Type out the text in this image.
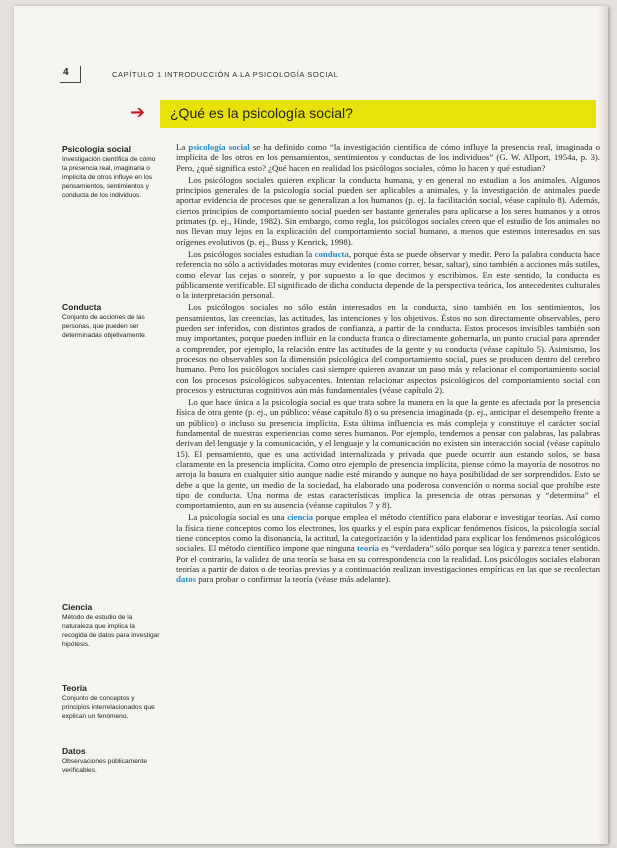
4	CAPÍTULO 1 INTRODUCCIÓN A LA PSICOLOGÍA SOCIAL
➔ ¿Qué es la psicología social?
Psicología social
Investigación científica de cómo la presencia real, imaginaria o implícita de otros influye en los pensamientos, sentimientos y conducta de los individuos.
Conducta
Conjunto de acciones de las personas, que pueden ser determinadas objetivamente.
Ciencia
Método de estudio de la naturaleza que implica la recogida de datos para investigar hipótesis.
Teoría
Conjunto de conceptos y principios interrelacionados que explican un fenómeno.
Datos
Observaciones públicamente verificables.

La psicología social se ha definido como “la investigación científica de cómo influye la presencia real, imaginada o implícita de los otros en los pensamientos, sentimientos y conductas de los individuos” (G. W. Allport, 1954a, p. 3). Pero, ¿qué significa esto? ¿Qué hacen en realidad los psicólogos sociales, cómo lo hacen y qué estudian?

Los psicólogos sociales quieren explicar la conducta humana, y en general no estudian a los animales. Algunos principios generales de la psicología social pueden ser aplicables a animales, y la investigación de animales puede aportar evidencia de procesos que se generalizan a los humanos (p. ej. la facilitación social, véase capítulo 8). Además, ciertos principios de comportamiento social pueden ser bastante generales para aplicarse a los seres humanos y a otros primates (p. ej., Hinde, 1982). Sin embargo, como regla, los psicólogos sociales creen que el estudio de los animales no nos llevan muy lejos en la explicación del comportamiento social humano, a menos que estemos interesados en sus orígenes evolutivos (p. ej., Buss y Kenrick, 1998).

Los psicólogos sociales estudian la conducta, porque ésta se puede observar y medir. Pero la palabra conducta hace referencia no sólo a actividades motoras muy evidentes (como correr, besar, saltar), sino también a acciones más sutiles, como elevar las cejas o sonreír, y por supuesto a lo que decimos y escribimos. En este sentido, la conducta es públicamente verificable. El significado de dicha conducta depende de la perspectiva teórica, los antecedentes culturales o la interpretación personal.

Los psicólogos sociales no sólo están interesados en la conducta, sino también en los sentimientos, los pensamientos, las creencias, las actitudes, las intenciones y los objetivos. Éstos no son directamente observables, pero pueden ser inferidos, con distintos grados de confianza, a partir de la conducta. Estos procesos invisibles también son muy importantes, porque pueden influir en la conducta franca o directamente gobernarla, un punto crucial para aprender a comprender, por ejemplo, la relación entre las actitudes de la gente y su conducta (véase capítulo 5). Asimismo, los procesos no observables son la dimensión psicológica del comportamiento social, pues se producen dentro del cerebro humano. Pero los psicólogos sociales casi siempre quieren avanzar un paso más y relacionar el comportamiento social con los procesos psicológicos subyacentes. Intentan relacionar aspectos psicológicos del comportamiento social con procesos y estructuras cognitivos aún más fundamentales (véase capítulo 2).

Lo que hace única a la psicología social es que trata sobre la manera en la que la gente es afectada por la presencia física de otra gente (p. ej., un público: véase capítulo 8) o su presencia imaginada (p. ej., anticipar el desempeño frente a un público) o incluso su presencia implícita. Esta última influencia es más compleja y constituye el carácter social fundamental de nuestras experiencias como seres humanos. Por ejemplo, tendemos a pensar con palabras, las palabras derivan del lenguaje y la comunicación, y el lenguaje y la comunicación no existen sin interacción social (véase capítulo 15). El pensamiento, que es una actividad internalizada y privada que puede ocurrir aun estando solos, se basa claramente en la presencia implícita. Como otro ejemplo de presencia implícita, piense cómo la mayoría de nosotros no arroja la basura en cualquier sitio aunque nadie esté mirando y aunque no haya posibilidad de ser sorprendidos. Esto se debe a que la gente, un medio de la sociedad, ha elaborado una poderosa convención o norma social que prohíbe este tipo de conducta. Una norma de estas características implica la presencia de otras personas y “determina” el comportamiento, aun en su ausencia (véanse capítulos 7 y 8).

La psicología social es una ciencia porque emplea el método científico para elaborar e investigar teorías. Así como la física tiene conceptos como los electrones, los quarks y el espín para explicar fenómenos físicos, la psicología social tiene conceptos como la disonancia, la actitud, la categorización y la identidad para explicar los fenómenos psicológicos sociales. El método científico impone que ninguna teoría es “verdadera” sólo porque sea lógica y parezca tener sentido. Por el contrario, la validez de una teoría se basa en su correspondencia con la realidad. Los psicólogos sociales elaboran teorías a partir de datos o de teorías previas y a continuación realizan investigaciones empíricas en las que se recolectan datos para probar o confirmar la teoría (véase más adelante).
